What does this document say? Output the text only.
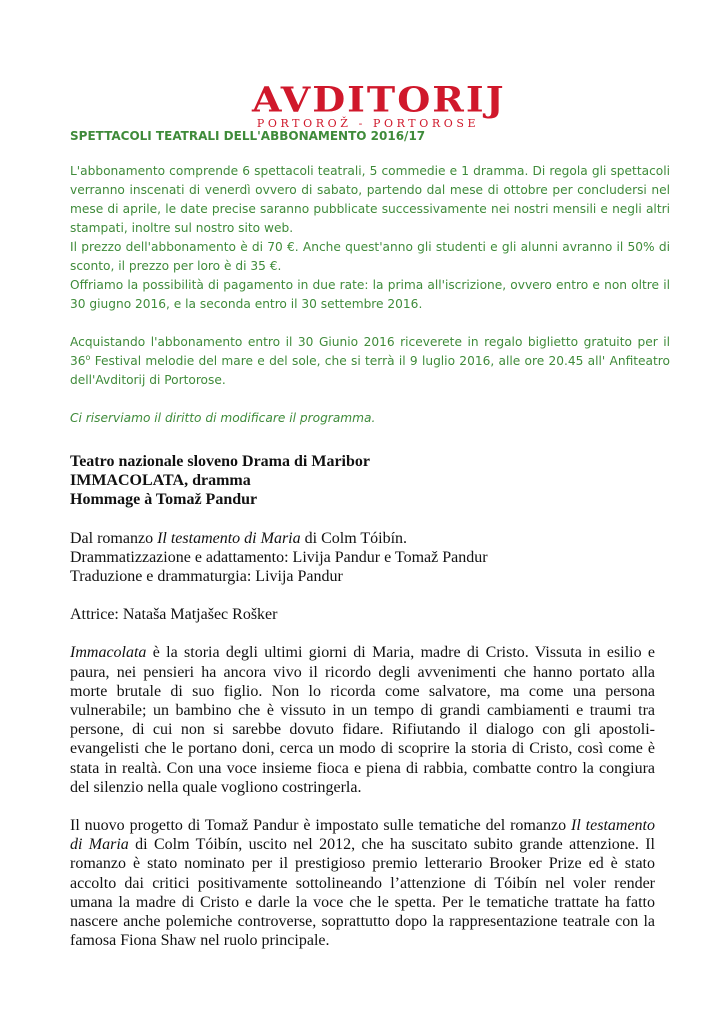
AVDITORIJ
PORTOROŽ - PORTOROSE

SPETTACOLI TEATRALI DELL'ABBONAMENTO 2016/17

L'abbonamento comprende 6 spettacoli teatrali, 5 commedie e 1 dramma. Di regola gli spettacoli verranno inscenati di venerdì ovvero di sabato, partendo dal mese di ottobre per concludersi nel mese di aprile, le date precise saranno pubblicate successivamente nei nostri mensili e negli altri stampati, inoltre sul nostro sito web.

Il prezzo dell'abbonamento è di 70 €. Anche quest'anno gli studenti e gli alunni avranno il 50% di sconto, il prezzo per loro è di 35 €.

Offriamo la possibilità di pagamento in due rate: la prima all'iscrizione, ovvero entro e non oltre il 30 giugno 2016, e la seconda entro il 30 settembre 2016.

Acquistando l'abbonamento entro il 30 Giunio 2016 riceverete in regalo biglietto gratuito per il 36$^o$ Festival melodie del mare e del sole, che si terrà il 9 luglio 2016, alle ore 20.45 all' Anfiteatro dell'Avditorij di Portorose.

Ci riserviamo il diritto di modificare il programma.

Teatro nazionale sloveno Drama di Maribor

IMMACOLATA, dramma

Hommage à Tomaž Pandur

Dal romanzo Il testamento di Maria di Colm Tóibín.

Drammatizzazione e adattamento: Livija Pandur e Tomaž Pandur

Traduzione e drammaturgia: Livija Pandur

Attrice: Nataša Matjašec Rošker

Immacolata è la storia degli ultimi giorni di Maria, madre di Cristo. Vissuta in esilio e paura, nei pensieri ha ancora vivo il ricordo degli avvenimenti che hanno portato alla morte brutale di suo figlio. Non lo ricorda come salvatore, ma come una persona vulnerabile; un bambino che è vissuto in un tempo di grandi cambiamenti e traumi tra persone, di cui non si sarebbe dovuto fidare. Rifiutando il dialogo con gli apostoli-evangelisti che le portano doni, cerca un modo di scoprire la storia di Cristo, così come è stata in realtà. Con una voce insieme fioca e piena di rabbia, combatte contro la congiura del silenzio nella quale vogliono costringerla.

Il nuovo progetto di Tomaž Pandur è impostato sulle tematiche del romanzo Il testamento di Maria di Colm Tóibín, uscito nel 2012, che ha suscitato subito grande attenzione. Il romanzo è stato nominato per il prestigioso premio letterario Brooker Prize ed è stato accolto dai critici positivamente sottolineando l’attenzione di Tóibín nel voler render umana la madre di Cristo e darle la voce che le spetta. Per le tematiche trattate ha fatto nascere anche polemiche controverse, soprattutto dopo la rappresentazione teatrale con la famosa Fiona Shaw nel ruolo principale.
